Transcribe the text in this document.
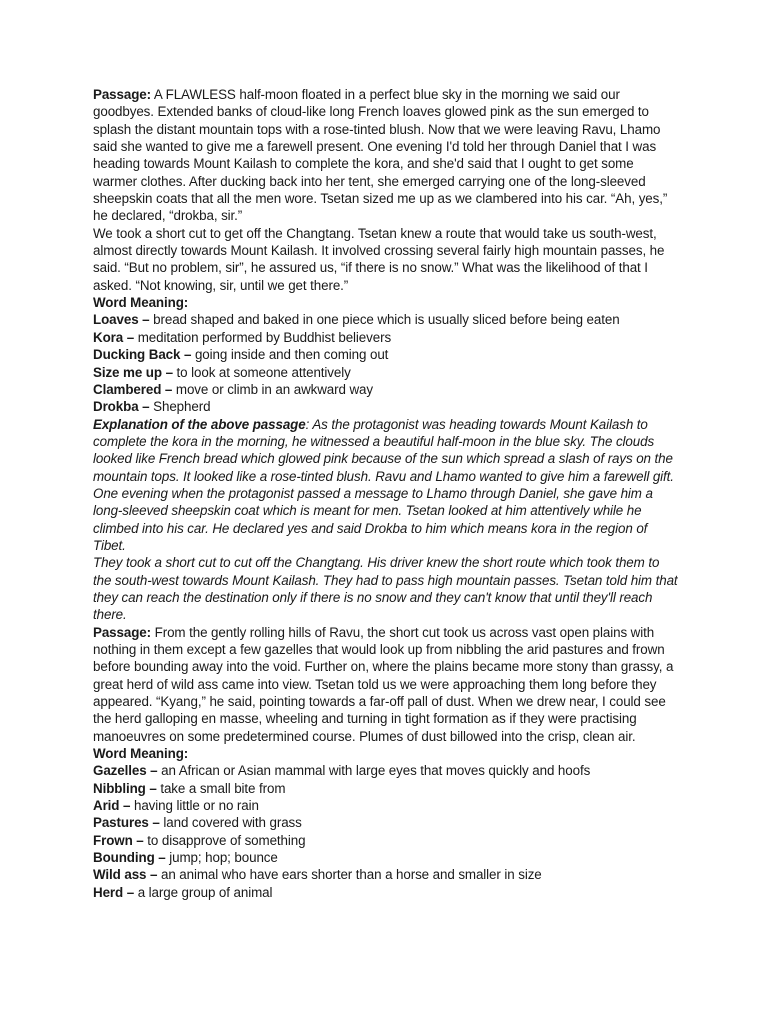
Passage: A FLAWLESS half-moon floated in a perfect blue sky in the morning we said our goodbyes. Extended banks of cloud-like long French loaves glowed pink as the sun emerged to splash the distant mountain tops with a rose-tinted blush. Now that we were leaving Ravu, Lhamo said she wanted to give me a farewell present. One evening I'd told her through Daniel that I was heading towards Mount Kailash to complete the kora, and she'd said that I ought to get some warmer clothes. After ducking back into her tent, she emerged carrying one of the long-sleeved sheepskin coats that all the men wore. Tsetan sized me up as we clambered into his car. “Ah, yes,” he declared, “drokba, sir.”

We took a short cut to get off the Changtang. Tsetan knew a route that would take us south-west, almost directly towards Mount Kailash. It involved crossing several fairly high mountain passes, he said. “But no problem, sir”, he assured us, “if there is no snow.” What was the likelihood of that I asked. “Not knowing, sir, until we get there.”

Word Meaning:

Loaves – bread shaped and baked in one piece which is usually sliced before being eaten

Kora – meditation performed by Buddhist believers

Ducking Back – going inside and then coming out

Size me up – to look at someone attentively

Clambered – move or climb in an awkward way

Drokba – Shepherd

Explanation of the above passage: As the protagonist was heading towards Mount Kailash to complete the kora in the morning, he witnessed a beautiful half-moon in the blue sky. The clouds looked like French bread which glowed pink because of the sun which spread a slash of rays on the mountain tops. It looked like a rose-tinted blush. Ravu and Lhamo wanted to give him a farewell gift. One evening when the protagonist passed a message to Lhamo through Daniel, she gave him a long-sleeved sheepskin coat which is meant for men. Tsetan looked at him attentively while he climbed into his car. He declared yes and said Drokba to him which means kora in the region of Tibet.

They took a short cut to cut off the Changtang. His driver knew the short route which took them to the south-west towards Mount Kailash. They had to pass high mountain passes. Tsetan told him that they can reach the destination only if there is no snow and they can't know that until they'll reach there.

Passage: From the gently rolling hills of Ravu, the short cut took us across vast open plains with nothing in them except a few gazelles that would look up from nibbling the arid pastures and frown before bounding away into the void. Further on, where the plains became more stony than grassy, a great herd of wild ass came into view. Tsetan told us we were approaching them long before they appeared. “Kyang,” he said, pointing towards a far-off pall of dust. When we drew near, I could see the herd galloping en masse, wheeling and turning in tight formation as if they were practising manoeuvres on some predetermined course. Plumes of dust billowed into the crisp, clean air.

Word Meaning:

Gazelles – an African or Asian mammal with large eyes that moves quickly and hoofs

Nibbling – take a small bite from

Arid – having little or no rain

Pastures – land covered with grass

Frown – to disapprove of something

Bounding – jump; hop; bounce

Wild ass – an animal who have ears shorter than a horse and smaller in size

Herd – a large group of animal
